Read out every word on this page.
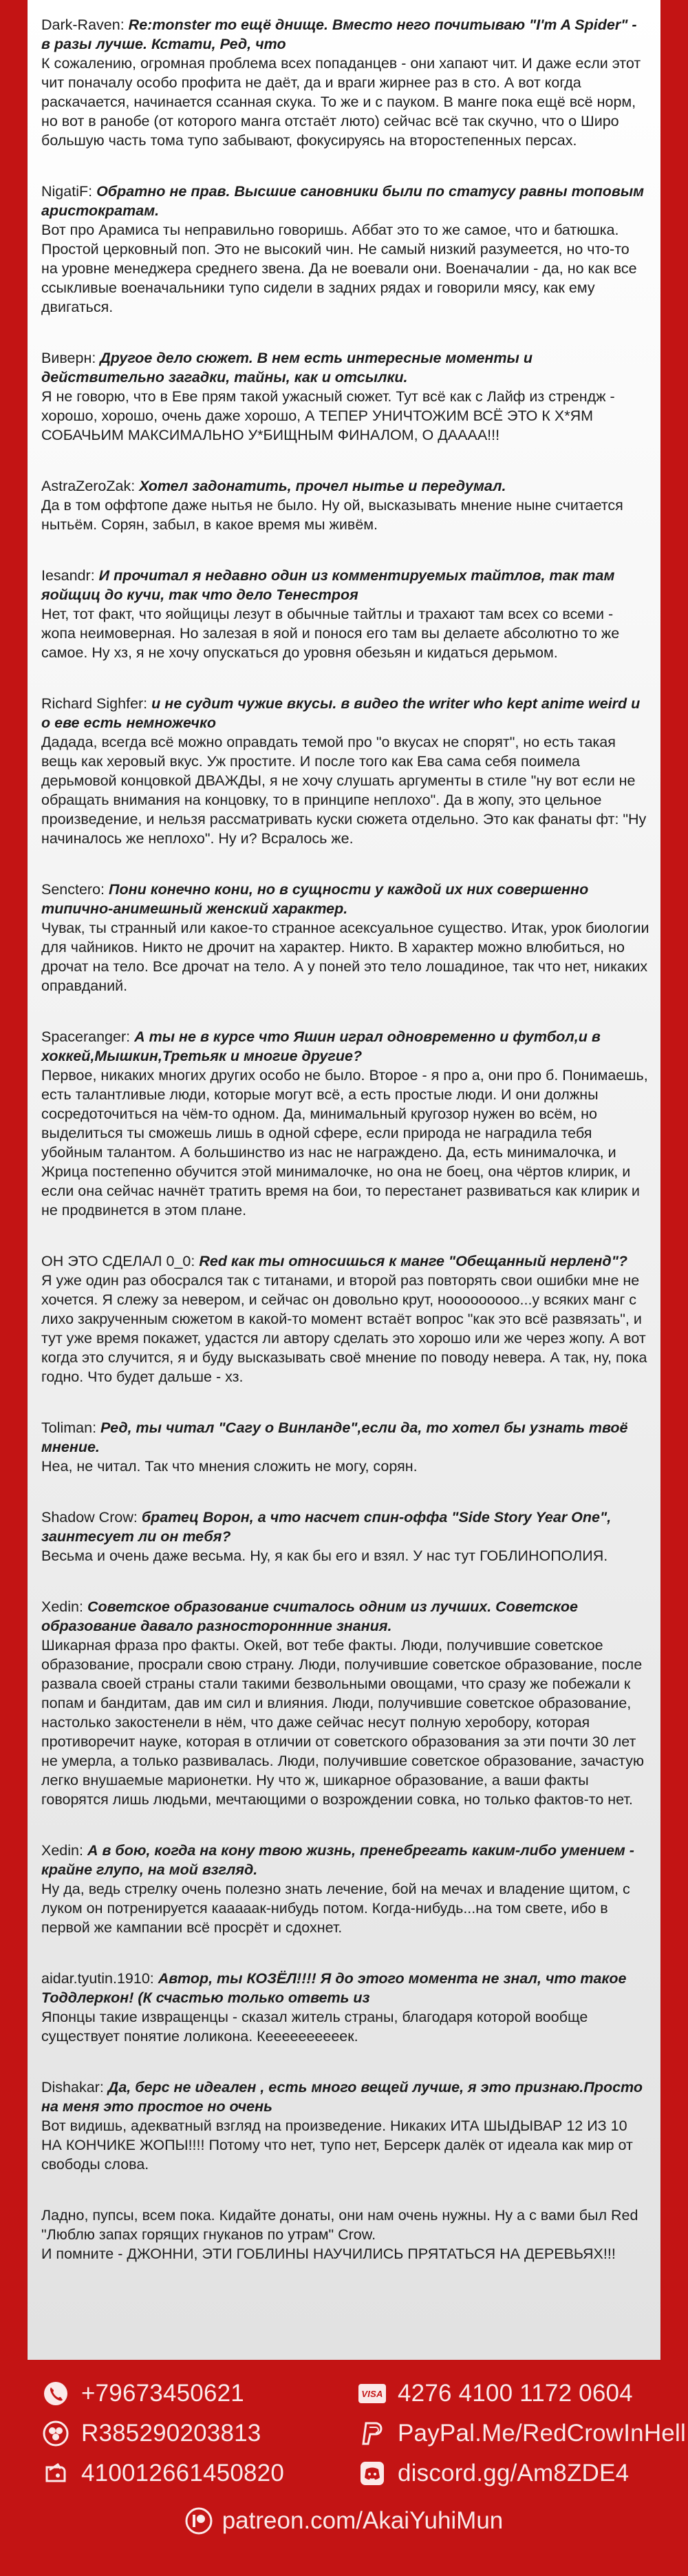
Dark-Raven: Re:monster то ещё днище. Вместо него почитываю "I'm A Spider" - в разы лучше. Кстати, Ред, что

К сожалению, огромная проблема всех попаданцев - они хапают чит. И даже если этот чит поначалу особо профита не даёт, да и враги жирнее раз в сто. А вот когда раскачается, начинается ссанная скука. То же и с пауком. В манге пока ещё всё норм, но вот в ранобе (от которого манга отстаёт люто) сейчас всё так скучно, что о Широ большую часть тома тупо забывают, фокусируясь на второстепенных персах.

NigatiF: Обратно не прав. Высшие сановники были по статусу равны топовым аристократам.

Вот про Арамиса ты неправильно говоришь. Аббат это то же самое, что и батюшка. Простой церковный поп. Это не высокий чин. Не самый низкий разумеется, но что-то на уровне менеджера среднего звена. Да не воевали они. Военачалии - да, но как все ссыкливые военачальники тупо сидели в задних рядах и говорили мясу, как ему двигаться.

Виверн: Другое дело сюжет. В нем есть интересные моменты и действительно загадки, тайны, как и отсылки.

Я не говорю, что в Еве прям такой ужасный сюжет. Тут всё как с Лайф из стрендж - хорошо, хорошо, очень даже хорошо, А ТЕПЕР УНИЧТОЖИМ ВСЁ ЭТО К Х*ЯМ СОБАЧЬИМ МАКСИМАЛЬНО У*БИЩНЫМ ФИНАЛОМ, О ДАААА!!!

AstraZeroZak: Хотел задонатить, прочел нытье и передумал.

Да в том оффтопе даже нытья не было. Ну ой, высказывать мнение ныне считается нытьём. Сорян, забыл, в какое время мы живём.

Iesandr: И прочитал я недавно один из комментируемых тайтлов, так там яойщиц до кучи, так что дело Тенестроя

Нет, тот факт, что яойщицы лезут в обычные тайтлы и трахают там всех со всеми - жопа неимоверная. Но залезая в яой и понося его там вы делаете абсолютно то же самое. Ну хз, я не хочу опускаться до уровня обезьян и кидаться дерьмом.

Richard Sighfer: и не судит чужие вкусы. в видео the writer who kept anime weird и о еве есть немножечко

Дадада, всегда всё можно оправдать темой про "о вкусах не спорят", но есть такая вещь как херовый вкус. Уж простите. И после того как Ева сама себя поимела дерьмовой концовкой ДВАЖДЫ, я не хочу слушать аргументы в стиле "ну вот если не обращать внимания на концовку, то в принципе неплохо". Да в жопу, это цельное произведение, и нельзя рассматривать куски сюжета отдельно. Это как фанаты фт: "Ну начиналось же неплохо". Ну и? Всралось же.

Senctero: Пони конечно кони, но в сущности у каждой их них совершенно типично-анимешный женский характер.

Чувак, ты странный или какое-то странное асексуальное существо. Итак, урок биологии для чайников. Никто не дрочит на характер. Никто. В характер можно влюбиться, но дрочат на тело. Все дрочат на тело. А у поней это тело лошадиное, так что нет, никаких оправданий.

Spaceranger: А ты не в курсе что Яшин играл одновременно и футбол,и в хоккей,Мышкин,Третьяк и многие другие?

Первое, никаких многих других особо не было. Второе - я про а, они про б. Понимаешь, есть талантливые люди, которые могут всё, а есть простые люди. И они должны сосредоточиться на чём-то одном. Да, минимальный кругозор нужен во всём, но выделиться ты сможешь лишь в одной сфере, если природа не наградила тебя убойным талантом. А большинство из нас не награждено. Да, есть минималочка, и Жрица постепенно обучится этой минималочке, но она не боец, она чёртов клирик, и если она сейчас начнёт тратить время на бои, то перестанет развиваться как клирик и не продвинется в этом плане.

ОН ЭТО СДЕЛАЛ 0_0: Red как ты относишься к манге "Обещанный нерленд"?

Я уже один раз обосрался так с титанами, и второй раз повторять свои ошибки мне не хочется. Я слежу за невером, и сейчас он довольно крут, нооооооооо...у всяких манг с лихо закрученным сюжетом в какой-то момент встаёт вопрос "как это всё развязать", и тут уже время покажет, удастся ли автору сделать это хорошо или же через жопу. А вот когда это случится, я и буду высказывать своё мнение по поводу невера. А так, ну, пока годно. Что будет дальше - хз.

Toliman: Ред, ты читал "Сагу о Винланде",если да, то хотел бы узнать твоё мнение.

Неа, не читал. Так что мнения сложить не могу, сорян.

Shadow Crow: братец Ворон, а что насчет спин-оффа "Side Story Year One", заинтесует ли он тебя?

Весьма и очень даже весьма. Ну, я как бы его и взял. У нас тут ГОБЛИНОПОЛИЯ.

Xedin: Советское образование считалось одним из лучших. Советское образование давало разностороннние знания.

Шикарная фраза про факты. Окей, вот тебе факты. Люди, получившие советское образование, просрали свою страну. Люди, получившие советское образование, после развала своей страны стали такими безвольными овощами, что сразу же побежали к попам и бандитам, дав им сил и влияния. Люди, получившие советское образование, настолько закостенели в нём, что даже сейчас несут полную херобору, которая противоречит науке, которая в отличии от советского образования за эти почти 30 лет не умерла, а только развивалась. Люди, получившие советское образование, зачастую легко внушаемые марионетки. Ну что ж, шикарное образование, а ваши факты говорятся лишь людьми, мечтающими о возрождении совка, но только фактов-то нет.

Xedin: А в бою, когда на кону твою жизнь, пренебрегать каким-либо умением - крайне глупо, на мой взгляд.

Ну да, ведь стрелку очень полезно знать лечение, бой на мечах и владение щитом, с луком он потренируется кааааак-нибудь потом. Когда-нибудь...на том свете, ибо в первой же кампании всё просрёт и сдохнет.

aidar.tyutin.1910: Автор, ты КОЗЁЛ!!!! Я до этого момента не знал, что такое Тоддлеркон! (К счастью только ответь из

Японцы такие извращенцы - сказал житель страны, благодаря которой вообще существует понятие лоликона. Кеееееееееек.

Dishakar: Да, берс не идеален , есть много вещей лучше, я это признаю.Просто на меня это простое но очень

Вот видишь, адекватный взгляд на произведение. Никаких ИТА ШЫДЫВАР 12 ИЗ 10 НА КОНЧИКЕ ЖОПЫ!!!! Потому что нет, тупо нет, Берсерк далёк от идеала как мир от свободы слова.

Ладно, пупсы, всем пока. Кидайте донаты, они нам очень нужны. Ну а с вами был Red "Люблю запах горящих гнуканов по утрам" Crow.

И помните - ДЖОННИ, ЭТИ ГОБЛИНЫ НАУЧИЛИСЬ ПРЯТАТЬСЯ НА ДЕРЕВЬЯХ!!!

+79673450621
R385290203813
410012661450820
VISA 4276 4100 1172 0604
PayPal.Me/RedCrowInHell
discord.gg/Am8ZDE4
patreon.com/AkaiYuhiMun
